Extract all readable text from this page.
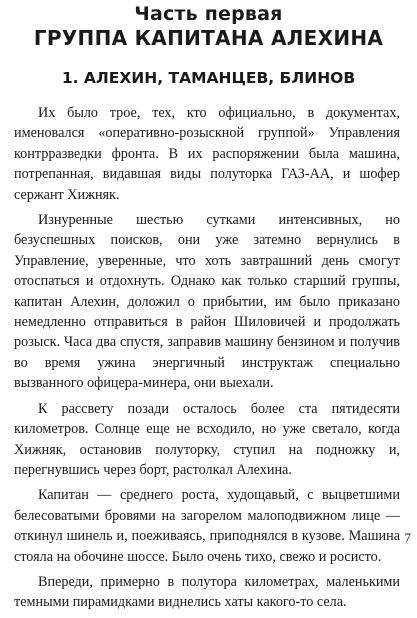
Часть первая
ГРУППА КАПИТАНА АЛЕХИНА
1. АЛЕХИН, ТАМАНЦЕВ, БЛИНОВ

Их было трое, тех, кто официально, в документах, именовался «оперативно-розыскной группой» Управления контрразведки фронта. В их распоряжении была машина, потрепанная, видавшая виды полуторка ГАЗ-АА, и шофер сержант Хижняк.

Изнуренные шестью сутками интенсивных, но безуспешных поисков, они уже затемно вернулись в Управление, уверенные, что хоть завтрашний день смогут отоспаться и отдохнуть. Однако как только старший группы, капитан Алехин, доложил о прибытии, им было приказано немедленно отправиться в район Шиловичей и продолжать розыск. Часа два спустя, заправив машину бензином и получив во время ужина энергичный инструктаж специально вызванного офицера-минера, они выехали.

К рассвету позади осталось более ста пятидесяти километров. Солнце еще не всходило, но уже светало, когда Хижняк, остановив полуторку, ступил на подножку и, перегнувшись через борт, растолкал Алехина.

Капитан — среднего роста, худощавый, с выцветшими белесоватыми бровями на загорелом малоподвижном лице — откинул шинель и, поеживаясь, приподнялся в кузове. Машина стояла на обочине шоссе. Было очень тихо, свежо и росисто.

Впереди, примерно в полутора километрах, маленькими темными пирамидками виднелись хаты какого-то села.

7
